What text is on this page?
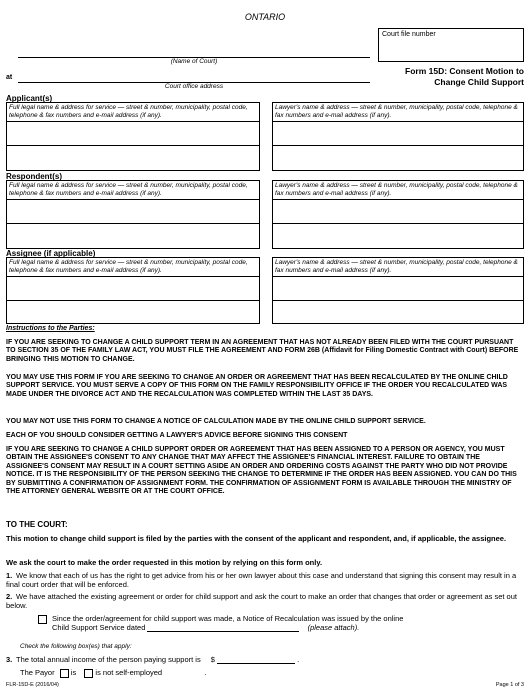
ONTARIO
Court file number
(Name of Court)
at
Court office address
Form 15D: Consent Motion to
Change Child Support
Applicant(s)
Full legal name & address for service — street & number, municipality, postal code, telephone & fax numbers and e-mail address (if any).
Lawyer's name & address — street & number, municipality, postal code, telephone & fax numbers and e-mail address (if any).
Respondent(s)
Full legal name & address for service — street & number, municipality, postal code, telephone & fax numbers and e-mail address (if any).
Lawyer's name & address — street & number, municipality, postal code, telephone & fax numbers and e-mail address (if any).
Assignee (if applicable)
Full legal name & address for service — street & number, municipality, postal code, telephone & fax numbers and e-mail address (if any).
Lawyer's name & address — street & number, municipality, postal code, telephone & fax numbers and e-mail address (if any).
Instructions to the Parties:
IF YOU ARE SEEKING TO CHANGE A CHILD SUPPORT TERM IN AN AGREEMENT THAT HAS NOT ALREADY BEEN FILED WITH THE COURT PURSUANT TO SECTION 35 OF THE FAMILY LAW ACT, YOU MUST FILE THE AGREEMENT AND FORM 26B (Affidavit for Filing Domestic Contract with Court) BEFORE BRINGING THIS MOTION TO CHANGE.
YOU MAY USE THIS FORM IF YOU ARE SEEKING TO CHANGE AN ORDER OR AGREEMENT THAT HAS BEEN RECALCULATED BY THE ONLINE CHILD SUPPORT SERVICE. YOU MUST SERVE A COPY OF THIS FORM ON THE FAMILY RESPONSIBILITY OFFICE IF THE ORDER YOU RECALCULATED WAS MADE UNDER THE DIVORCE ACT AND THE RECALCULATION WAS COMPLETED WITHIN THE LAST 35 DAYS.
YOU MAY NOT USE THIS FORM TO CHANGE A NOTICE OF CALCULATION MADE BY THE ONLINE CHILD SUPPORT SERVICE.
EACH OF YOU SHOULD CONSIDER GETTING A LAWYER'S ADVICE BEFORE SIGNING THIS CONSENT
IF YOU ARE SEEKING TO CHANGE A CHILD SUPPORT ORDER OR AGREEMENT THAT HAS BEEN ASSIGNED TO A PERSON OR AGENCY, YOU MUST OBTAIN THE ASSIGNEE'S CONSENT TO ANY CHANGE THAT MAY AFFECT THE ASSIGNEE'S FINANCIAL INTEREST. FAILURE TO OBTAIN THE ASSIGNEE'S CONSENT MAY RESULT IN A COURT SETTING ASIDE AN ORDER AND ORDERING COSTS AGAINST THE PARTY WHO DID NOT PROVIDE NOTICE. IT IS THE RESPONSIBILITY OF THE PERSON SEEKING THE CHANGE TO DETERMINE IF THE ORDER HAS BEEN ASSIGNED. YOU CAN DO THIS BY SUBMITTING A CONFIRMATION OF ASSIGNMENT FORM. THE CONFIRMATION OF ASSIGNMENT FORM IS AVAILABLE THROUGH THE MINISTRY OF THE ATTORNEY GENERAL WEBSITE OR AT THE COURT OFFICE.
TO THE COURT:
This motion to change child support is filed by the parties with the consent of the applicant and respondent, and, if applicable, the assignee.
We ask the court to make the order requested in this motion by relying on this form only.
1. We know that each of us has the right to get advice from his or her own lawyer about this case and understand that signing this consent may result in a final court order that will be enforced.
2. We have attached the existing agreement or order for child support and ask the court to make an order that changes that order or agreement as set out below.
Since the order/agreement for child support was made, a Notice of Recalculation was issued by the online
Child Support Service dated	(please attach).
Check the following box(es) that apply:
3. The total annual income of the person paying support is $	.
The Payor is	is not self-employed	.
FLR-15D-E (2016/04)	Page 1 of 3
